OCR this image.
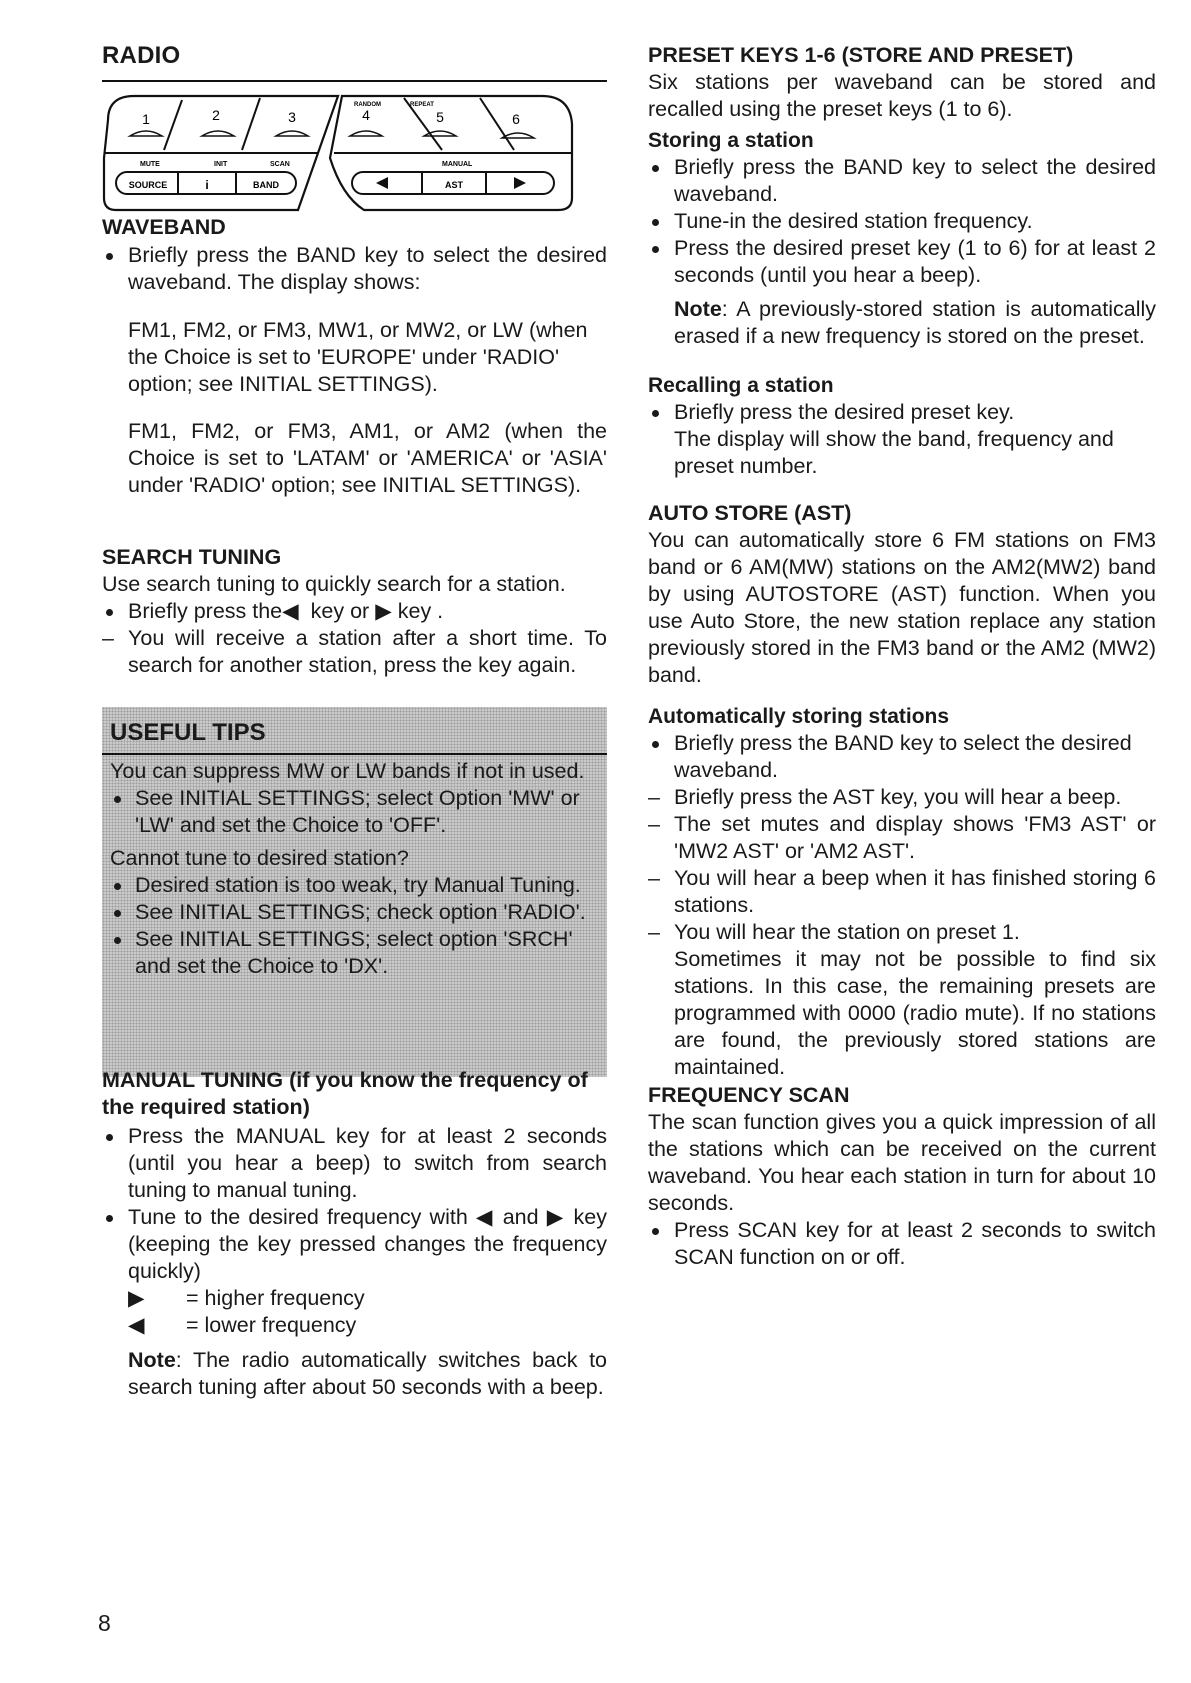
RADIO
1	2	3
MUTE	INIT	SCAN
SOURCE	i	BAND
RANDOM	REPEAT
4	5	6
MANUAL
AST
WAVEBAND
Briefly press the BAND key to select the desired waveband. The display shows:

FM1, FM2, or FM3, MW1, or MW2, or LW (when the Choice is set to 'EUROPE' under 'RADIO' option; see INITIAL SETTINGS).

FM1, FM2, or FM3, AM1, or AM2 (when the Choice is set to 'LATAM' or 'AMERICA' or 'ASIA' under 'RADIO' option; see INITIAL SETTINGS).

SEARCH TUNING

Use search tuning to quickly search for a station.

Briefly press the◀ key or ▶ key .
– You will receive a station after a short time. To search for another station, press the key again.
USEFUL TIPS

You can suppress MW or LW bands if not in used.

See INITIAL SETTINGS; select Option 'MW' or 'LW' and set the Choice to 'OFF'.

Cannot tune to desired station?

Desired station is too weak, try Manual Tuning.
See INITIAL SETTINGS; check option 'RADIO'.
See INITIAL SETTINGS; select option 'SRCH' and set the Choice to 'DX'.
MANUAL TUNING (if you know the frequency of the required station)
Press the MANUAL key for at least 2 seconds (until you hear a beep) to switch from search tuning to manual tuning.
Tune to the desired frequency with ◀ and ▶ key (keeping the key pressed changes the frequency quickly)
▶	= higher frequency
◀	= lower frequency

Note: The radio automatically switches back to search tuning after about 50 seconds with a beep.

8
PRESET KEYS 1-6 (STORE AND PRESET)

Six stations per waveband can be stored and recalled using the preset keys (1 to 6).

Storing a station
Briefly press the BAND key to select the desired waveband.
Tune-in the desired station frequency.
Press the desired preset key (1 to 6) for at least 2 seconds (until you hear a beep).

Note: A previously-stored station is automatically erased if a new frequency is stored on the preset.

Recalling a station
Briefly press the desired preset key.

The display will show the band, frequency and preset number.

AUTO STORE (AST)

You can automatically store 6 FM stations on FM3 band or 6 AM(MW) stations on the AM2(MW2) band by using AUTOSTORE (AST) function. When you use Auto Store, the new station replace any station previously stored in the FM3 band or the AM2 (MW2) band.

Automatically storing stations
Briefly press the BAND key to select the desired waveband.
– Briefly press the AST key, you will hear a beep.
– The set mutes and display shows 'FM3 AST' or 'MW2 AST' or 'AM2 AST'.
– You will hear a beep when it has finished storing 6 stations.
– You will hear the station on preset 1.

Sometimes it may not be possible to find six stations. In this case, the remaining presets are programmed with 0000 (radio mute). If no stations are found, the previously stored stations are maintained.

FREQUENCY SCAN

The scan function gives you a quick impression of all the stations which can be received on the current waveband. You hear each station in turn for about 10 seconds.

Press SCAN key for at least 2 seconds to switch SCAN function on or off.
